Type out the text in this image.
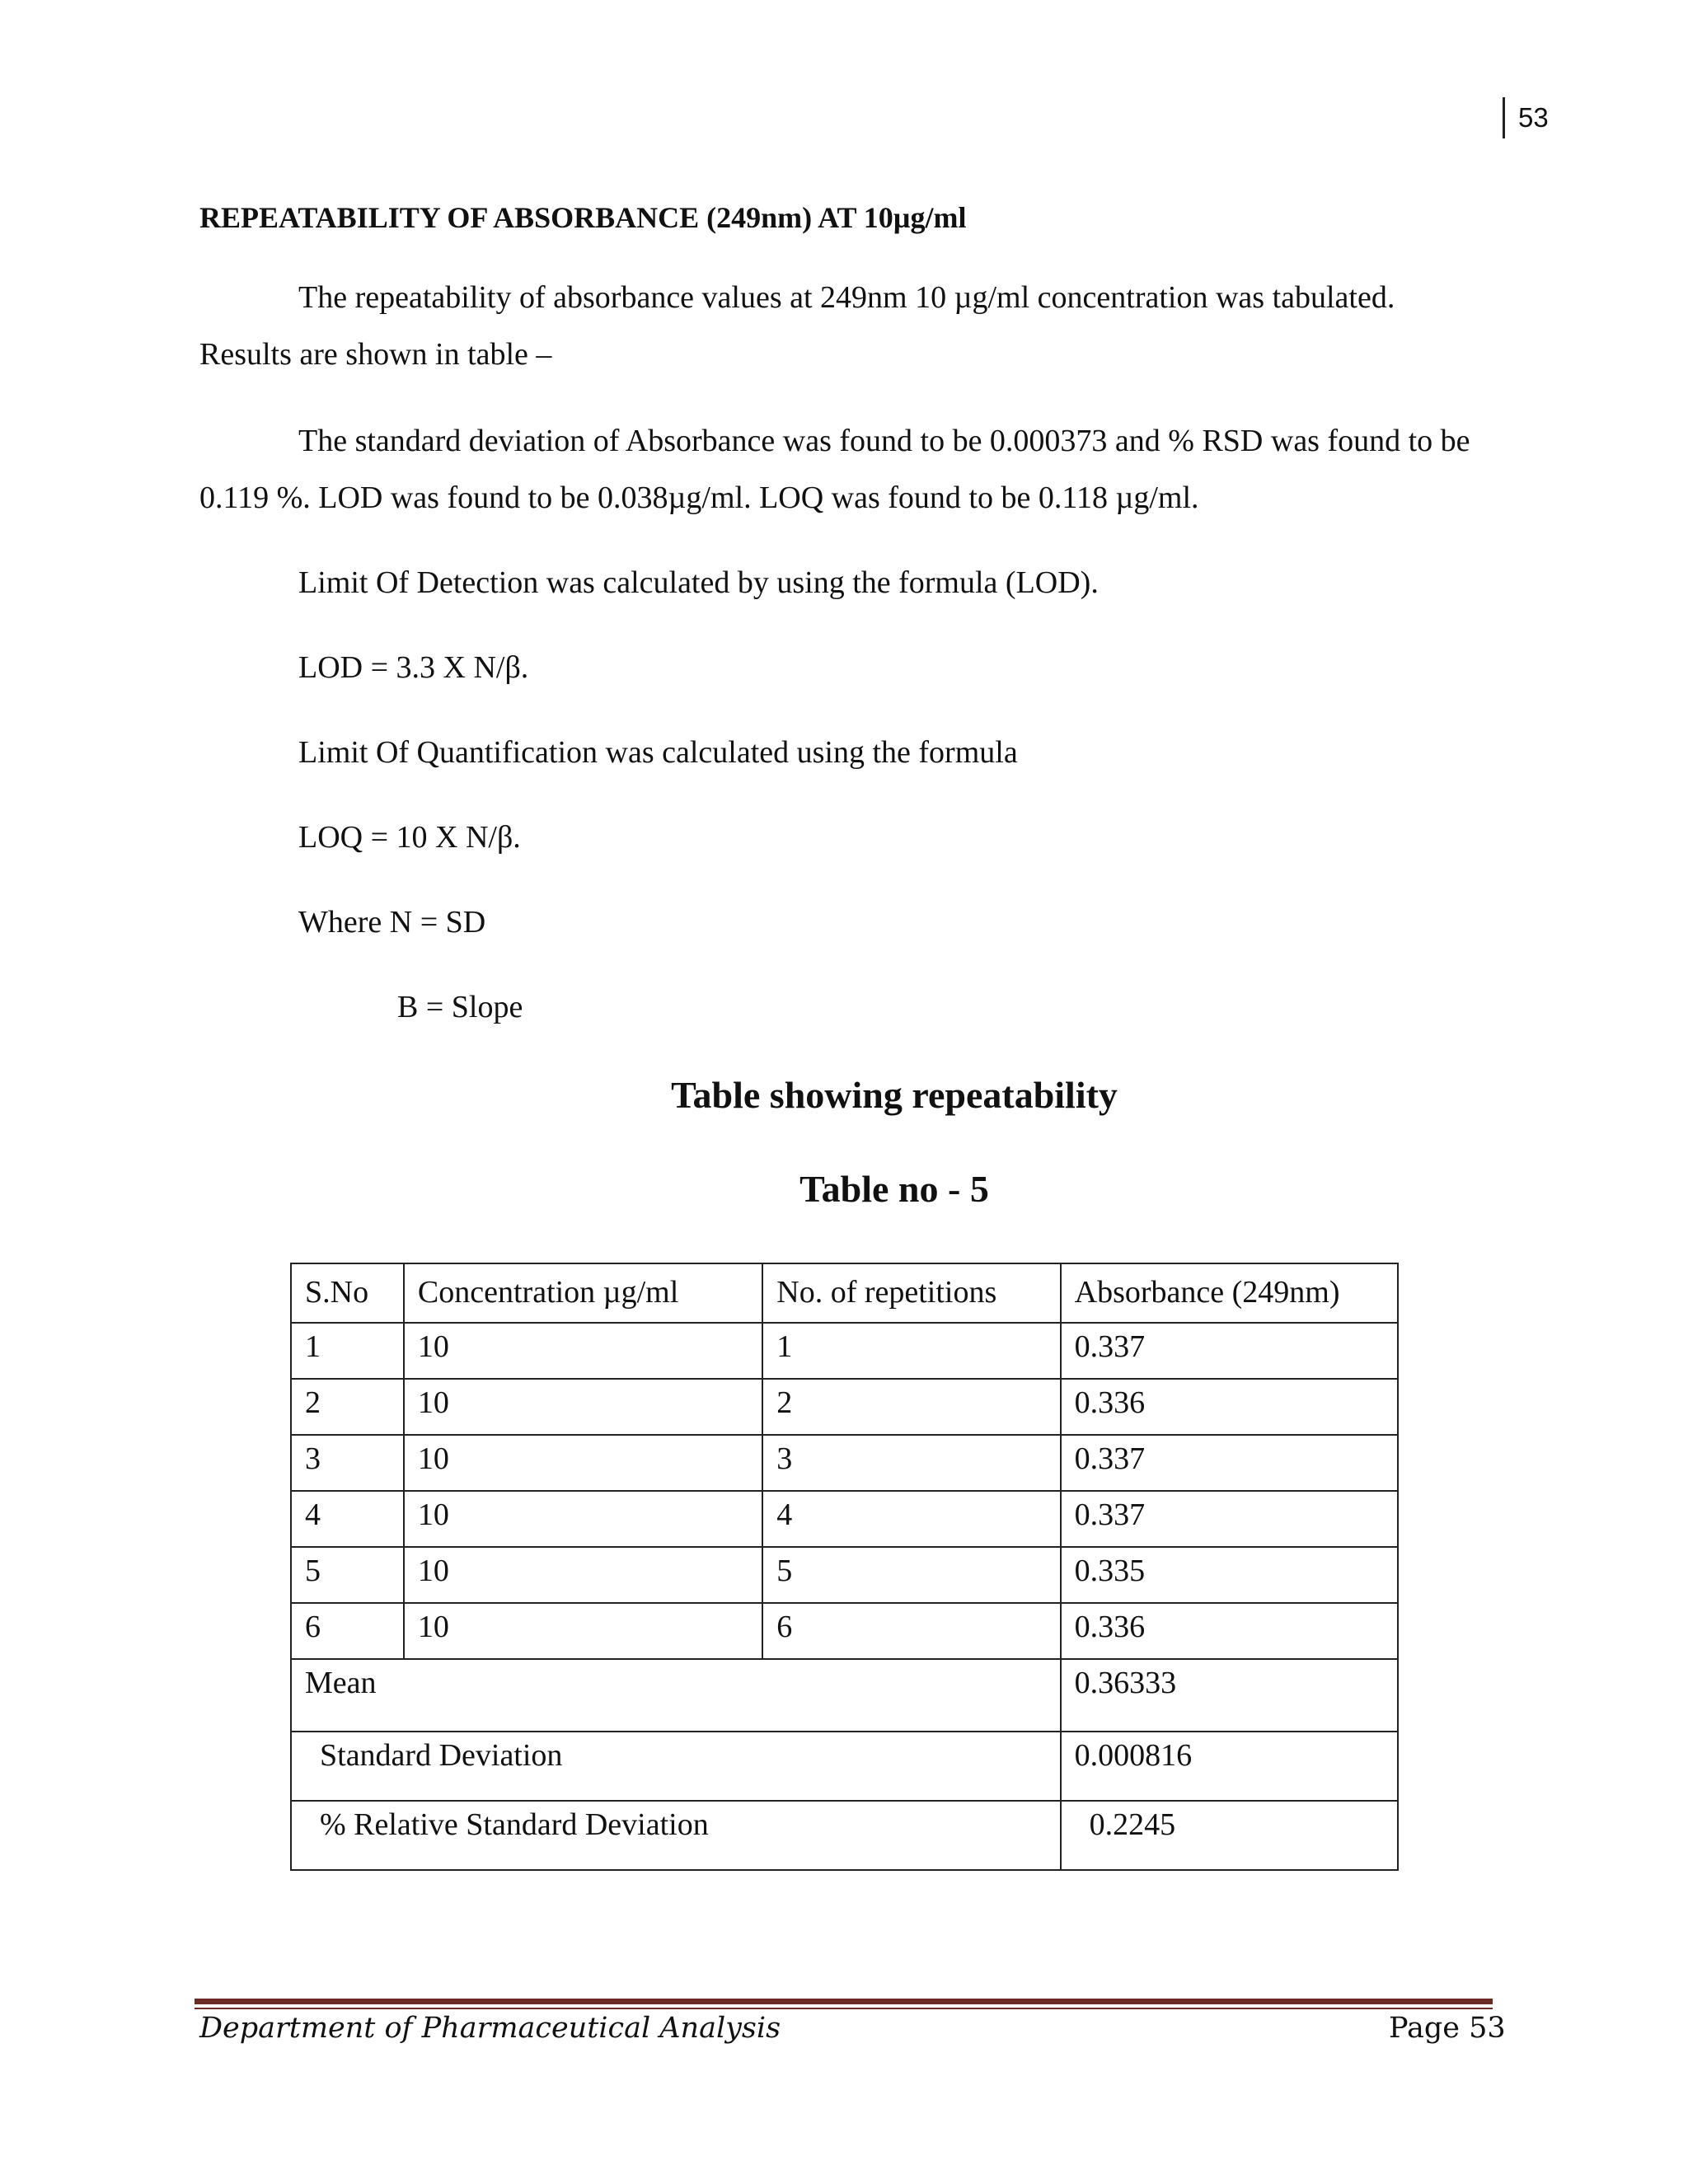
53
REPEATABILITY OF ABSORBANCE (249nm) AT 10µg/ml

The repeatability of absorbance values at 249nm 10 µg/ml concentration was tabulated. Results are shown in table –

The standard deviation of Absorbance was found to be 0.000373 and % RSD was found to be 0.119 %. LOD was found to be 0.038µg/ml. LOQ was found to be 0.118 µg/ml.

Limit Of Detection was calculated by using the formula (LOD).
LOD = 3.3 X N/β.
Limit Of Quantification was calculated using the formula
LOQ = 10 X N/β.
Where N = SD
B = Slope
Table showing repeatability
Table no - 5
S.No	Concentration µg/ml	No. of repetitions	Absorbance (249nm)
1	10	1	0.337
2	10	2	0.336
3	10	3	0.337
4	10	4	0.337
5	10	5	0.335
6	10	6	0.336
Mean			0.36333
Standard Deviation			0.000816
% Relative Standard Deviation			0.2245
Department of Pharmaceutical Analysis	Page 53
